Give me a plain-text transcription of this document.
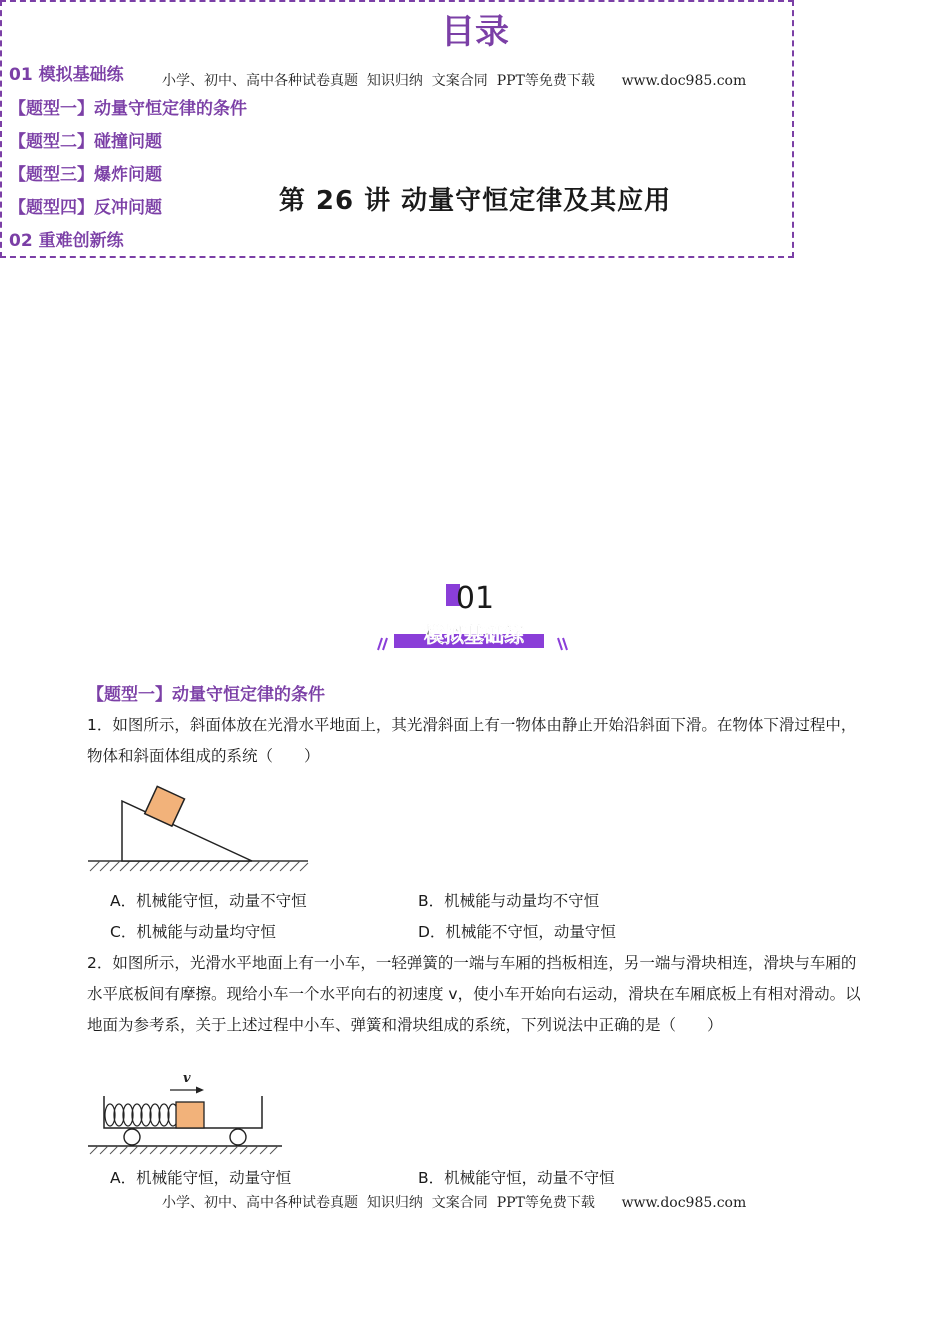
小学、初中、高中各种试卷真题  知识归纳  文案合同  PPT等免费下载      www.doc985.com
第 26 讲 动量守恒定律及其应用
目录
01 模拟基础练
【题型一】动量守恒定律的条件
【题型二】碰撞问题
【题型三】爆炸问题
【题型四】反冲问题
02 重难创新练
01
模拟基础练
【题型一】动量守恒定律的条件
1．如图所示，斜面体放在光滑水平地面上，其光滑斜面上有一物体由静止开始沿斜面下滑。在物体下滑过程中，物体和斜面体组成的系统（　　）
A．机械能守恒，动量不守恒	B．机械能与动量均不守恒
C．机械能与动量均守恒	D．机械能不守恒，动量守恒
2．如图所示，光滑水平地面上有一小车，一轻弹簧的一端与车厢的挡板相连，另一端与滑块相连，滑块与车厢的水平底板间有摩擦。现给小车一个水平向右的初速度 v，使小车开始向右运动，滑块在车厢底板上有相对滑动。以地面为参考系，关于上述过程中小车、弹簧和滑块组成的系统，下列说法中正确的是（　　）
v
A．机械能守恒，动量守恒	B．机械能守恒，动量不守恒
小学、初中、高中各种试卷真题  知识归纳  文案合同  PPT等免费下载      www.doc985.com
